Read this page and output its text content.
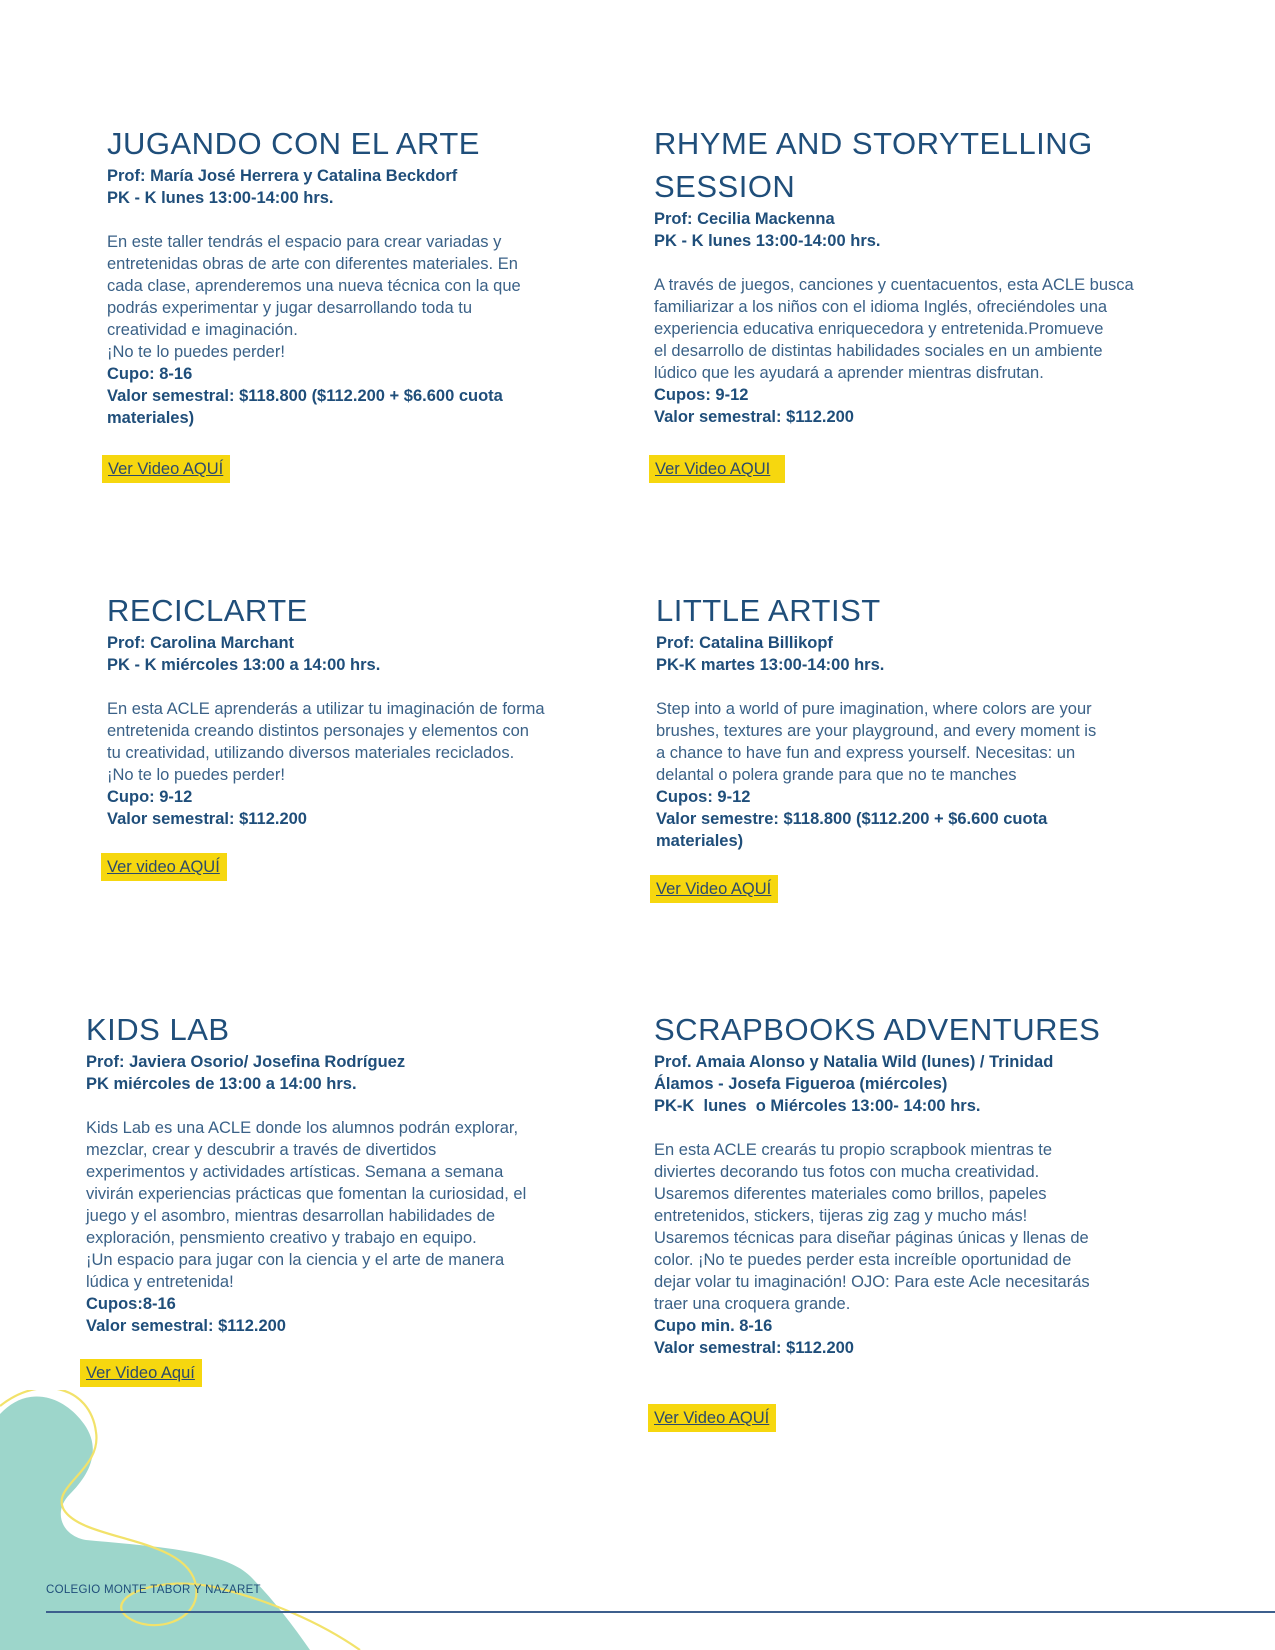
JUGANDO CON EL ARTE
Prof: María José Herrera y Catalina Beckdorf
PK - K lunes 13:00-14:00 hrs.
En este taller tendrás el espacio para crear variadas y
entretenidas obras de arte con diferentes materiales. En
cada clase, aprenderemos una nueva técnica con la que
podrás experimentar y jugar desarrollando toda tu
creatividad e imaginación.
¡No te lo puedes perder!
Cupo: 8-16
Valor semestral: $118.800 ($112.200 + $6.600 cuota
materiales)
Ver Video AQUÍ
RHYME AND STORYTELLING
SESSION
Prof: Cecilia Mackenna
PK - K lunes 13:00-14:00 hrs.
A través de juegos, canciones y cuentacuentos, esta ACLE busca
familiarizar a los niños con el idioma Inglés, ofreciéndoles una
experiencia educativa enriquecedora y entretenida.Promueve
el desarrollo de distintas habilidades sociales en un ambiente
lúdico que les ayudará a aprender mientras disfrutan.
Cupos: 9-12
Valor semestral: $112.200
Ver Video AQUI
RECICLARTE
Prof: Carolina Marchant
PK - K miércoles 13:00 a 14:00 hrs.
En esta ACLE aprenderás a utilizar tu imaginación de forma
entretenida creando distintos personajes y elementos con
tu creatividad, utilizando diversos materiales reciclados.
¡No te lo puedes perder!
Cupo: 9-12
Valor semestral: $112.200
Ver video AQUÍ
LITTLE ARTIST
Prof: Catalina Billikopf
PK-K martes 13:00-14:00 hrs.
Step into a world of pure imagination, where colors are your
brushes, textures are your playground, and every moment is
a chance to have fun and express yourself. Necesitas: un
delantal o polera grande para que no te manches
Cupos: 9-12
Valor semestre: $118.800 ($112.200 + $6.600 cuota
materiales)
Ver Video AQUÍ
KIDS LAB
Prof: Javiera Osorio/ Josefina Rodríguez
PK miércoles de 13:00 a 14:00 hrs.
Kids Lab es una ACLE donde los alumnos podrán explorar,
mezclar, crear y descubrir a través de divertidos
experimentos y actividades artísticas. Semana a semana
vivirán experiencias prácticas que fomentan la curiosidad, el
juego y el asombro, mientras desarrollan habilidades de
exploración, pensmiento creativo y trabajo en equipo.
¡Un espacio para jugar con la ciencia y el arte de manera
lúdica y entretenida!
Cupos:8-16
Valor semestral: $112.200
Ver Video Aquí
SCRAPBOOKS ADVENTURES
Prof. Amaia Alonso y Natalia Wild (lunes) / Trinidad
Álamos - Josefa Figueroa (miércoles)
PK-K  lunes  o Miércoles 13:00- 14:00 hrs.
En esta ACLE crearás tu propio scrapbook mientras te
diviertes decorando tus fotos con mucha creatividad.
Usaremos diferentes materiales como brillos, papeles
entretenidos, stickers, tijeras zig zag y mucho más!
Usaremos técnicas para diseñar páginas únicas y llenas de
color. ¡No te puedes perder esta increíble oportunidad de
dejar volar tu imaginación! OJO: Para este Acle necesitarás
traer una croquera grande.
Cupo min. 8-16
Valor semestral: $112.200
Ver Video AQUÍ
COLEGIO MONTE TABOR Y NAZARET
